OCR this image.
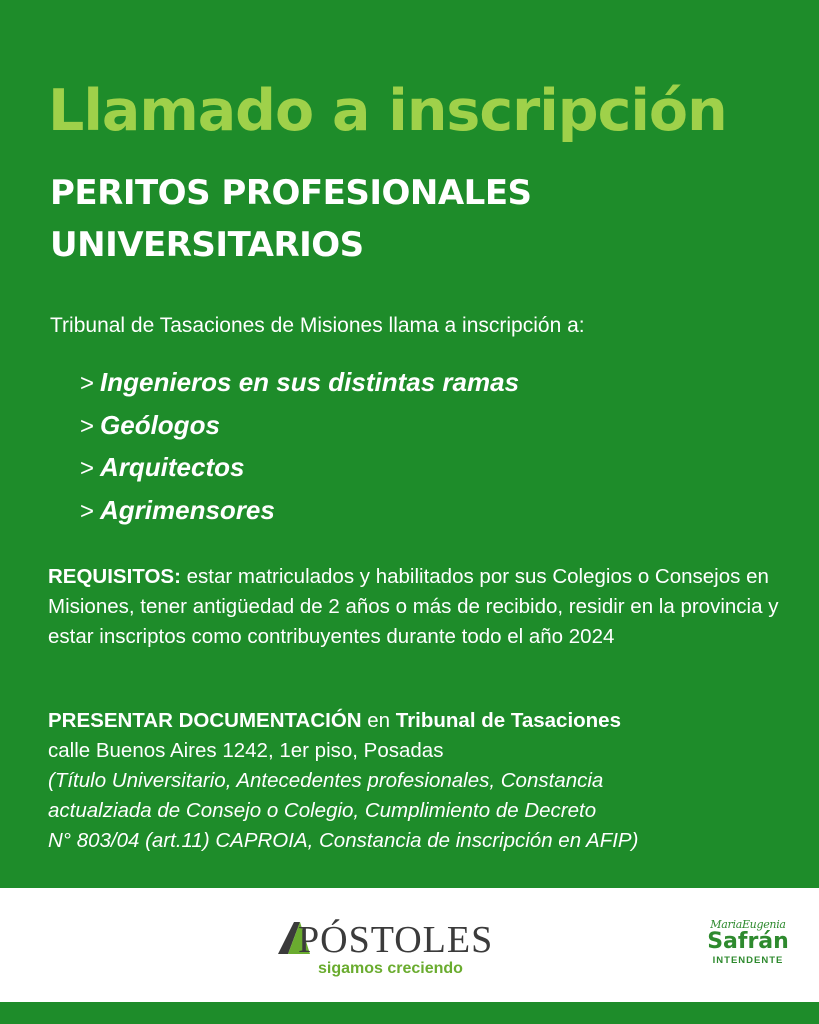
Llamado a inscripción
PERITOS PROFESIONALES
UNIVERSITARIOS

Tribunal de Tasaciones de Misiones llama a inscripción a:

> Ingenieros en sus distintas ramas
> Geólogos
> Arquitectos
> Agrimensores

REQUISITOS: estar matriculados y habilitados por sus Colegios o Consejos en Misiones, tener antigüedad de 2 años o más de recibido, residir en la provincia y estar inscriptos como contribuyentes durante todo el año 2024

PRESENTAR DOCUMENTACIÓN en Tribunal de Tasaciones
calle Buenos Aires 1242, 1er piso, Posadas
(Título Universitario, Antecedentes profesionales, Constancia
actualziada de Consejo o Colegio, Cumplimiento de Decreto
N° 803/04 (art.11) CAPROIA, Constancia de inscripción en AFIP)

PÓSTOLES

sigamos creciendo

MariaEugenia
Safrán
INTENDENTE
